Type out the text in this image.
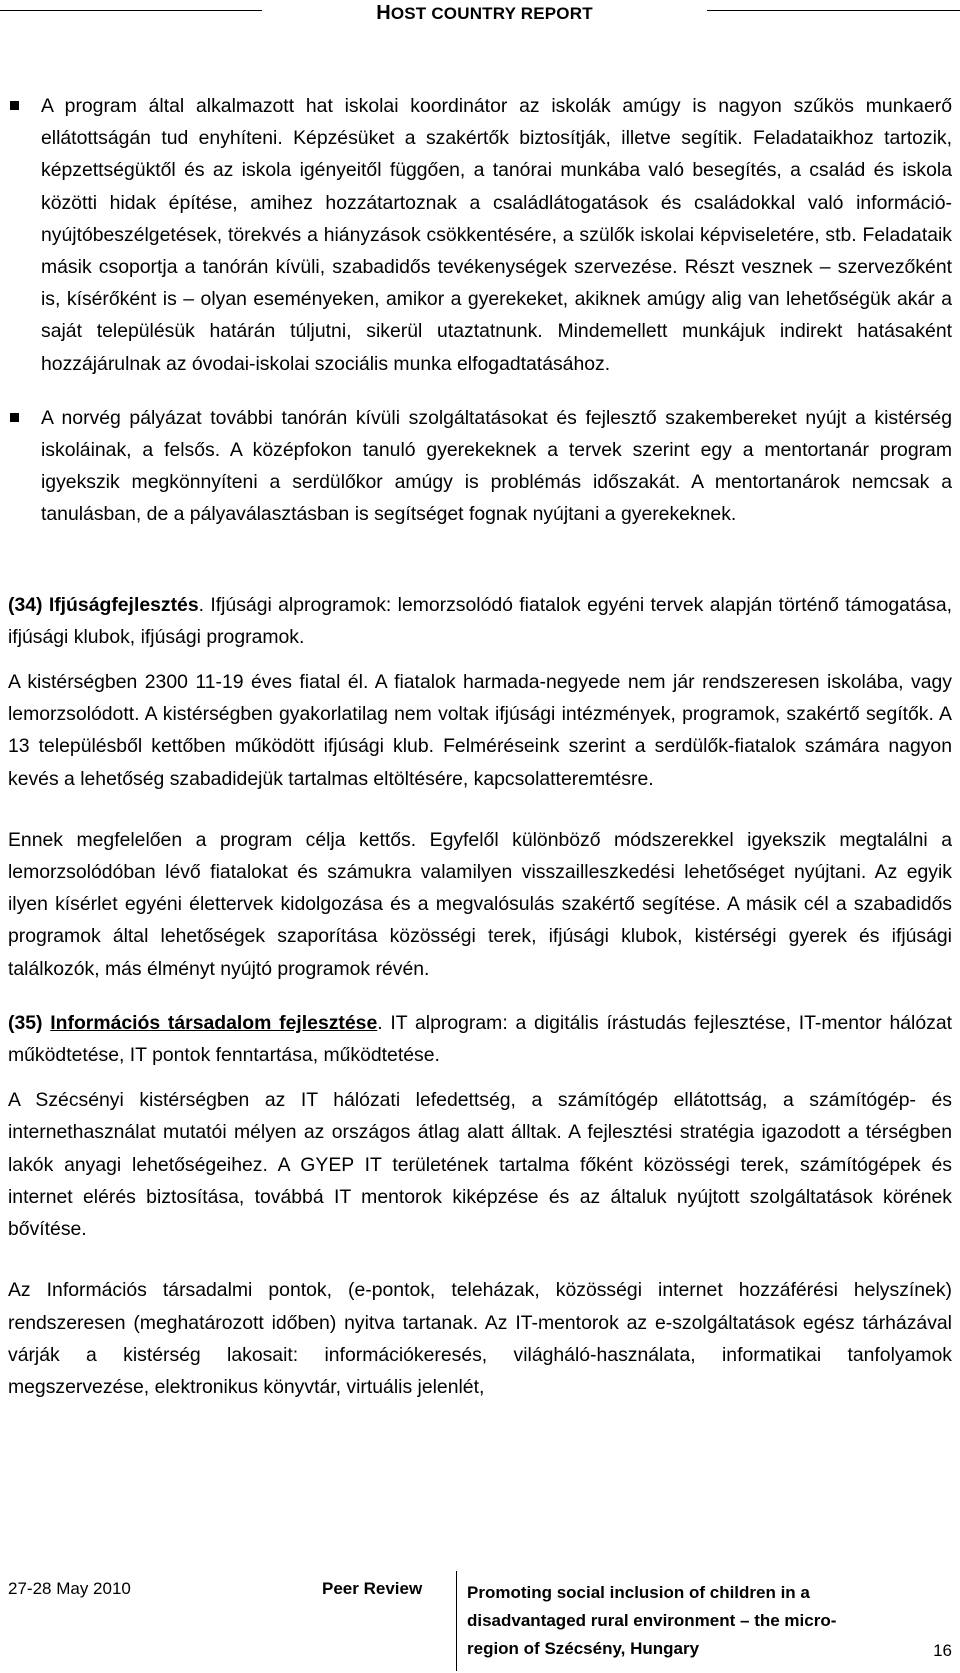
HOST COUNTRY REPORT

A program által alkalmazott hat iskolai koordinátor az iskolák amúgy is nagyon szűkös munkaerő ellátottságán tud enyhíteni. Képzésüket a szakértők biztosítják, illetve segítik. Feladataikhoz tartozik, képzettségüktől és az iskola igényeitől függően, a tanórai munkába való besegítés, a család és iskola közötti hidak építése, amihez hozzátartoznak a családlátogatások és családokkal való információ-nyújtóbeszélgetések, törekvés a hiányzások csökkentésére, a szülők iskolai képviseletére, stb. Feladataik másik csoportja a tanórán kívüli, szabadidős tevékenységek szervezése. Részt vesznek – szervezőként is, kísérőként is – olyan eseményeken, amikor a gyerekeket, akiknek amúgy alig van lehetőségük akár a saját településük határán túljutni, sikerül utaztatnunk. Mindemellett munkájuk indirekt hatásaként hozzájárulnak az óvodai-iskolai szociális munka elfogadtatásához.

A norvég pályázat további tanórán kívüli szolgáltatásokat és fejlesztő szakembereket nyújt a kistérség iskoláinak, a felsős. A középfokon tanuló gyerekeknek a tervek szerint egy a mentortanár program igyekszik megkönnyíteni a serdülőkor amúgy is problémás időszakát. A mentortanárok nemcsak a tanulásban, de a pályaválasztásban is segítséget fognak nyújtani a gyerekeknek.

(34) Ifjúságfejlesztés. Ifjúsági alprogramok: lemorzsolódó fiatalok egyéni tervek alapján történő támogatása, ifjúsági klubok, ifjúsági programok.

A kistérségben 2300 11-19 éves fiatal él. A fiatalok harmada-negyede nem jár rendszeresen iskolába, vagy lemorzsolódott. A kistérségben gyakorlatilag nem voltak ifjúsági intézmények, programok, szakértő segítők. A 13 településből kettőben működött ifjúsági klub. Felméréseink szerint a serdülők-fiatalok számára nagyon kevés a lehetőség szabadidejük tartalmas eltöltésére, kapcsolatteremtésre.

Ennek megfelelően a program célja kettős. Egyfelől különböző módszerekkel igyekszik megtalálni a lemorzsolódóban lévő fiatalokat és számukra valamilyen visszailleszkedési lehetőséget nyújtani. Az egyik ilyen kísérlet egyéni élettervek kidolgozása és a megvalósulás szakértő segítése. A másik cél a szabadidős programok által lehetőségek szaporítása közösségi terek, ifjúsági klubok, kistérségi gyerek és ifjúsági találkozók, más élményt nyújtó programok révén.

(35) Információs társadalom fejlesztése. IT alprogram: a digitális írástudás fejlesztése, IT-mentor hálózat működtetése, IT pontok fenntartása, működtetése.

A Szécsényi kistérségben az IT hálózati lefedettség, a számítógép ellátottság, a számítógép- és internethasználat mutatói mélyen az országos átlag alatt álltak. A fejlesztési stratégia igazodott a térségben lakók anyagi lehetőségeihez. A GYEP IT területének tartalma főként közösségi terek, számítógépek és internet elérés biztosítása, továbbá IT mentorok kiképzése és az általuk nyújtott szolgáltatások körének bővítése.

Az Információs társadalmi pontok, (e-pontok, teleházak, közösségi internet hozzáférési helyszínek) rendszeresen (meghatározott időben) nyitva tartanak. Az IT-mentorok az e-szolgáltatások egész tárházával várják a kistérség lakosait: információkeresés, világháló-használata, informatikai tanfolyamok megszervezése, elektronikus könyvtár, virtuális jelenlét,

27-28 May 2010	Peer Review	Promoting social inclusion of children in a disadvantaged rural environment – the micro-region of Szécsény, Hungary	16
